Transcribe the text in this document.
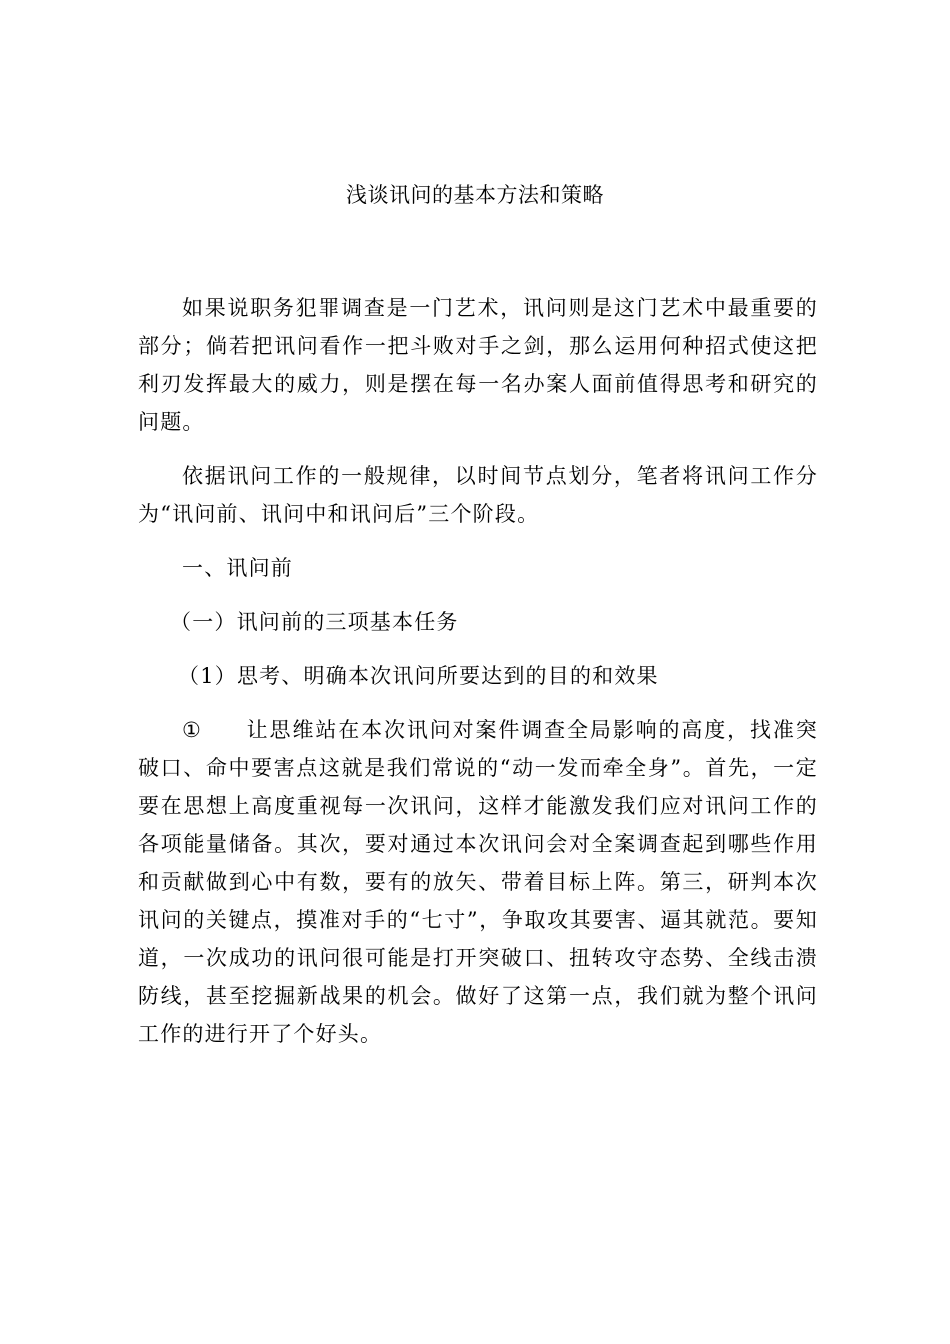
浅谈讯问的基本方法和策略

如果说职务犯罪调查是一门艺术，讯问则是这门艺术中最重要的部分；倘若把讯问看作一把斗败对手之剑，那么运用何种招式使这把利刃发挥最大的威力，则是摆在每一名办案人面前值得思考和研究的问题。

依据讯问工作的一般规律，以时间节点划分，笔者将讯问工作分为“讯问前、讯问中和讯问后”三个阶段。

一、讯问前

（一）讯问前的三项基本任务

（1）思考、明确本次讯问所要达到的目的和效果

① 让思维站在本次讯问对案件调查全局影响的高度，找准突破口、命中要害点这就是我们常说的“动一发而牵全身”。首先，一定要在思想上高度重视每一次讯问，这样才能激发我们应对讯问工作的各项能量储备。其次，要对通过本次讯问会对全案调查起到哪些作用和贡献做到心中有数，要有的放矢、带着目标上阵。第三，研判本次讯问的关键点，摸准对手的“七寸”，争取攻其要害、逼其就范。要知道，一次成功的讯问很可能是打开突破口、扭转攻守态势、全线击溃防线，甚至挖掘新战果的机会。做好了这第一点，我们就为整个讯问工作的进行开了个好头。
